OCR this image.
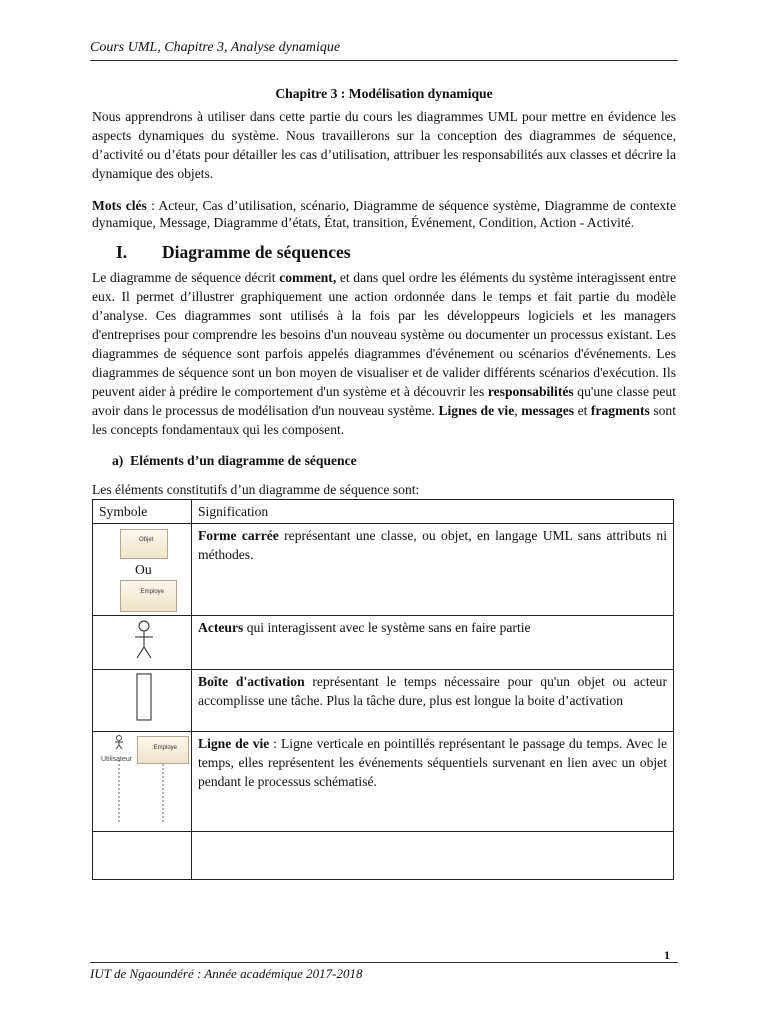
Cours UML, Chapitre 3, Analyse dynamique
Chapitre 3 : Modélisation dynamique

Nous apprendrons à utiliser dans cette partie du cours les diagrammes UML pour mettre en évidence les aspects dynamiques du système. Nous travaillerons sur la conception des diagrammes de séquence, d’activité ou d’états pour détailler les cas d’utilisation, attribuer les responsabilités aux classes et décrire la dynamique des objets.

Mots clés : Acteur, Cas d’utilisation, scénario, Diagramme de séquence système, Diagramme de contexte dynamique, Message, Diagramme d’états, État, transition, Événement, Condition, Action - Activité.

I.	Diagramme de séquences

Le diagramme de séquence décrit comment, et dans quel ordre les éléments du système interagissent entre eux. Il permet d’illustrer graphiquement une action ordonnée dans le temps et fait partie du modèle d’analyse. Ces diagrammes sont utilisés à la fois par les développeurs logiciels et les managers d'entreprises pour comprendre les besoins d'un nouveau système ou documenter un processus existant. Les diagrammes de séquence sont parfois appelés diagrammes d'événement ou scénarios d'événements. Les diagrammes de séquence sont un bon moyen de visualiser et de valider différents scénarios d'exécution. Ils peuvent aider à prédire le comportement d'un système et à découvrir les responsabilités qu'une classe peut avoir dans le processus de modélisation d'un nouveau système. Lignes de vie, messages et fragments sont les concepts fondamentaux qui les composent.

a) Eléments d’un diagramme de séquence

Les éléments constitutifs d’un diagramme de séquence sont:

Symbole	Signification

Objet
Ou
:Employe	Forme carrée représentant une classe, ou objet, en langage UML sans attributs ni méthodes.
	Acteurs qui interagissent avec le système sans en faire partie
	Boîte d'activation représentant le temps nécessaire pour qu'un objet ou acteur accomplisse une tâche. Plus la tâche dure, plus est longue la boite d’activation

Utilisateur
:Employe	Ligne de vie : Ligne verticale en pointillés représentant le passage du temps. Avec le temps, elles représentent les événements séquentiels survenant en lien avec un objet pendant le processus schématisé.

1
IUT de Ngaoundéré : Année académique 2017-2018
